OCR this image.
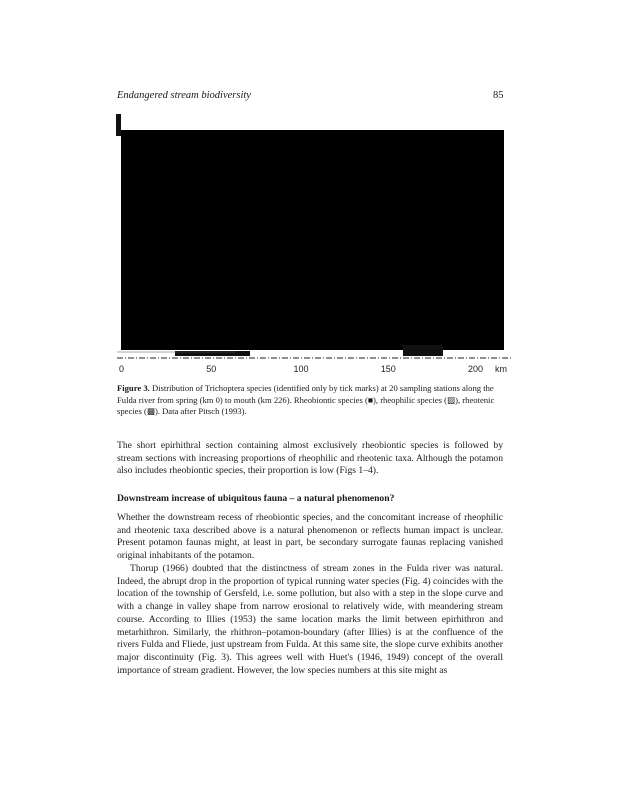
Endangered stream biodiversity	85
0	50	100	150	200 km
Figure 3. Distribution of Trichoptera species (identified only by tick marks) at 20 sampling stations along the Fulda river from spring (km 0) to mouth (km 226). Rheobiontic species (■), rheophilic species (▨), rheotenic species (▩). Data after Pitsch (1993).

The short epirhithral section containing almost exclusively rheobiontic species is followed by stream sections with increasing proportions of rheophilic and rheotenic taxa. Although the potamon also includes rheobiontic species, their proportion is low (Figs 1–4).

Downstream increase of ubiquitous fauna – a natural phenomenon?

Whether the downstream recess of rheobiontic species, and the concomitant increase of rheophilic and rheotenic taxa described above is a natural phenomenon or reflects human impact is unclear. Present potamon faunas might, at least in part, be secondary surrogate faunas replacing vanished original inhabitants of the potamon.

Thorup (1966) doubted that the distinctness of stream zones in the Fulda river was natural. Indeed, the abrupt drop in the proportion of typical running water species (Fig. 4) coincides with the location of the township of Gersfeld, i.e. some pollution, but also with a step in the slope curve and with a change in valley shape from narrow erosional to relatively wide, with meandering stream course. According to Illies (1953) the same location marks the limit between epirhithron and metarhithron. Similarly, the rhithron–potamon-boundary (after Illies) is at the confluence of the rivers Fulda and Fliede, just upstream from Fulda. At this same site, the slope curve exhibits another major discontinuity (Fig. 3). This agrees well with Huet's (1946, 1949) concept of the overall importance of stream gradient. However, the low species numbers at this site might as
